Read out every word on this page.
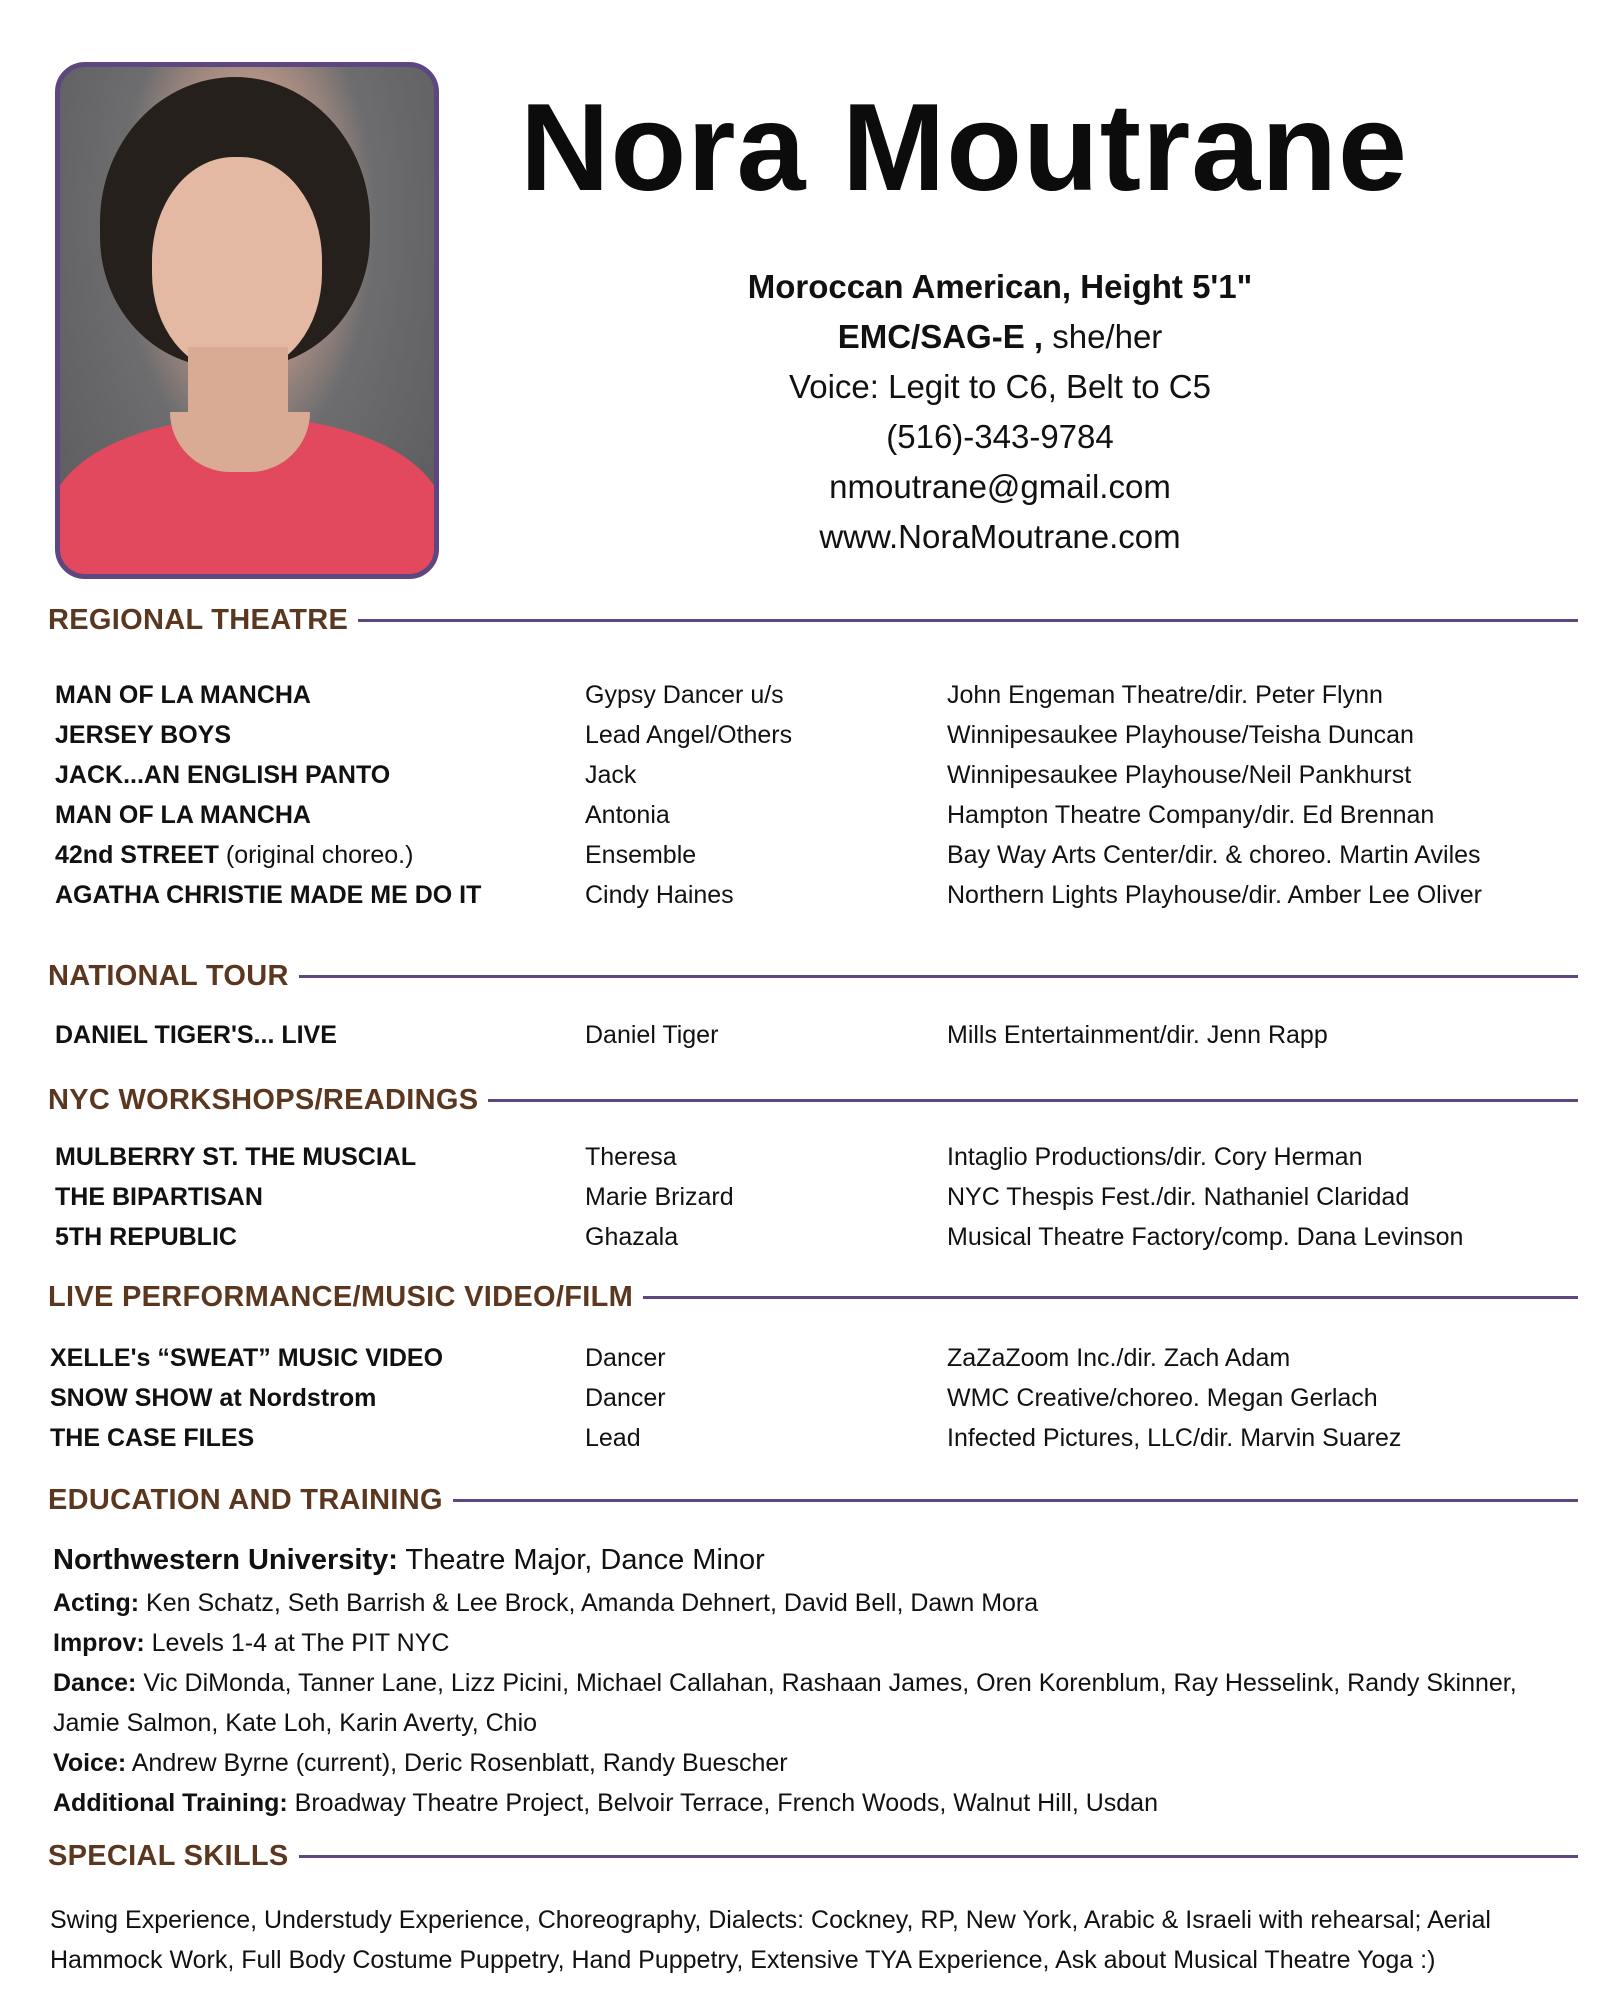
Nora Moutrane
Moroccan American, Height 5'1"
EMC/SAG-E , she/her
Voice: Legit to C6, Belt to C5
(516)-343-9784
nmoutrane@gmail.com
www.NoraMoutrane.com
REGIONAL THEATRE
MAN OF LA MANCHA	Gypsy Dancer u/s	John Engeman Theatre/dir. Peter Flynn
JERSEY BOYS	Lead Angel/Others	Winnipesaukee Playhouse/Teisha Duncan
JACK...AN ENGLISH PANTO	Jack	Winnipesaukee Playhouse/Neil Pankhurst
MAN OF LA MANCHA	Antonia	Hampton Theatre Company/dir. Ed Brennan
42nd STREET (original choreo.)	Ensemble	Bay Way Arts Center/dir. & choreo. Martin Aviles
AGATHA CHRISTIE MADE ME DO IT	Cindy Haines	Northern Lights Playhouse/dir. Amber Lee Oliver
NATIONAL TOUR
DANIEL TIGER'S... LIVE	Daniel Tiger	Mills Entertainment/dir. Jenn Rapp
NYC WORKSHOPS/READINGS
MULBERRY ST. THE MUSCIAL	Theresa	Intaglio Productions/dir. Cory Herman
THE BIPARTISAN	Marie Brizard	NYC Thespis Fest./dir. Nathaniel Claridad
5TH REPUBLIC	Ghazala	Musical Theatre Factory/comp. Dana Levinson
LIVE PERFORMANCE/MUSIC VIDEO/FILM
XELLE's “SWEAT” MUSIC VIDEO	Dancer	ZaZaZoom Inc./dir. Zach Adam
SNOW SHOW at Nordstrom	Dancer	WMC Creative/choreo. Megan Gerlach
THE CASE FILES	Lead	Infected Pictures, LLC/dir. Marvin Suarez
EDUCATION AND TRAINING
Northwestern University: Theatre Major, Dance Minor
Acting: Ken Schatz, Seth Barrish & Lee Brock, Amanda Dehnert, David Bell, Dawn Mora
Improv: Levels 1-4 at The PIT NYC
Dance: Vic DiMonda, Tanner Lane, Lizz Picini, Michael Callahan, Rashaan James, Oren Korenblum, Ray Hesselink, Randy Skinner, Jamie Salmon, Kate Loh, Karin Averty, Chio
Voice: Andrew Byrne (current), Deric Rosenblatt, Randy Buescher
Additional Training: Broadway Theatre Project, Belvoir Terrace, French Woods, Walnut Hill, Usdan
SPECIAL SKILLS
Swing Experience, Understudy Experience, Choreography, Dialects: Cockney, RP, New York, Arabic & Israeli with rehearsal; Aerial Hammock Work, Full Body Costume Puppetry, Hand Puppetry, Extensive TYA Experience, Ask about Musical Theatre Yoga :)
